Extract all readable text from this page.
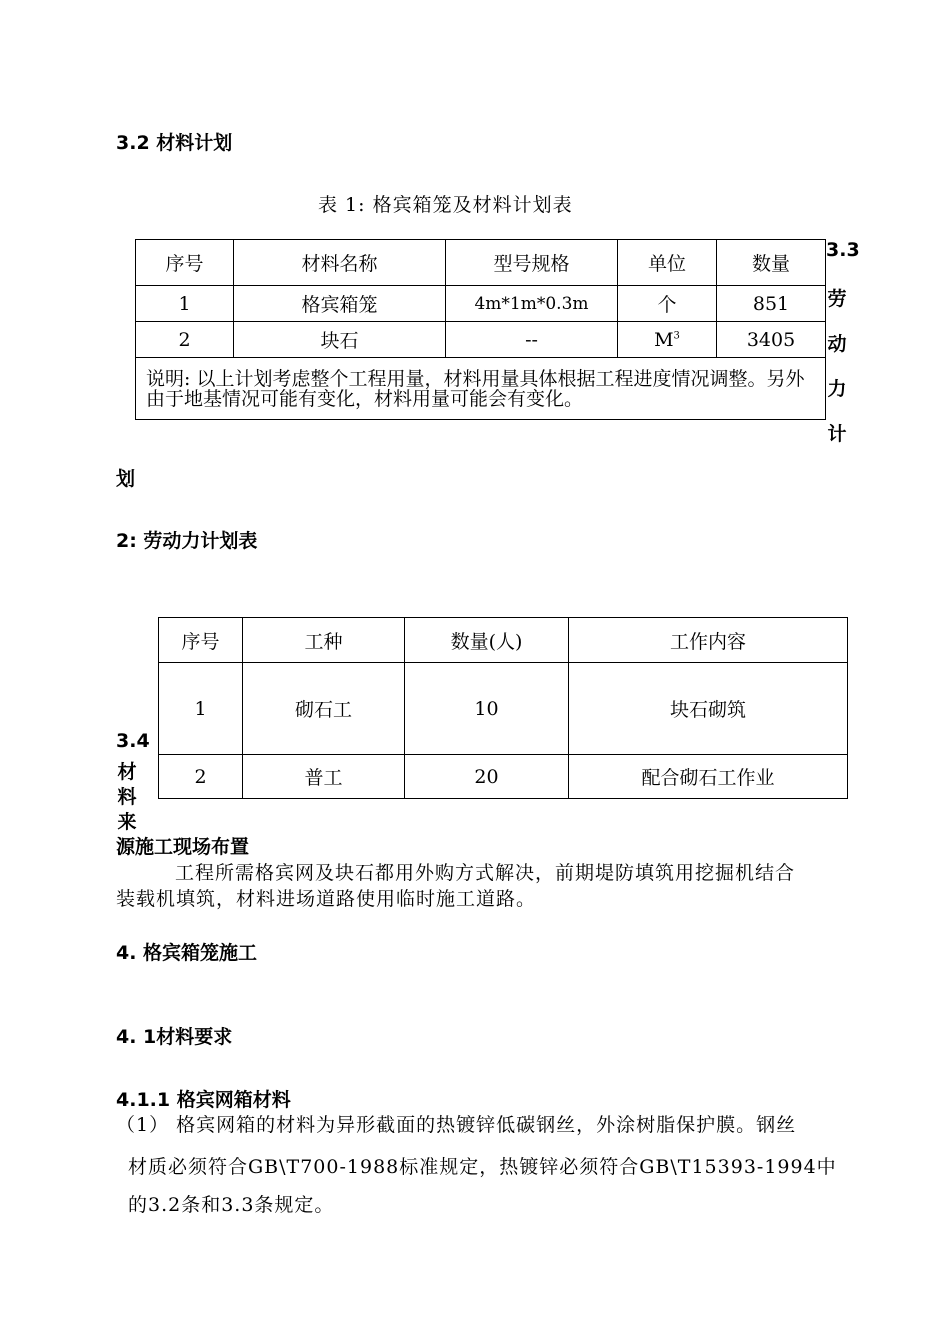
3.2 材料计划
表 1: 格宾箱笼及材料计划表
序号	材料名称	型号规格	单位	数量
1	格宾箱笼	4m*1m*0.3m	个	851
2	块石	--	$M^3$	3405
说明: 以上计划考虑整个工程用量，材料用量具体根据工程进度情况调整。另外由于地基情况可能有变化，材料用量可能会有变化。				
3.3
劳
动
力
计
划
2: 劳动力计划表
序号	工种	数量(人)	工作内容
1	砌石工	10	块石砌筑
2	普工	20	配合砌石工作业
3.4
材
料
来
源施工现场布置
工程所需格宾网及块石都用外购方式解决，前期堤防填筑用挖掘机结合
装载机填筑，材料进场道路使用临时施工道路。
4. 格宾箱笼施工
4. 1材料要求
4.1.1 格宾网箱材料
（1） 格宾网箱的材料为异形截面的热镀锌低碳钢丝，外涂树脂保护膜。钢丝
材质必须符合GB\T700-1988标准规定，热镀锌必须符合GB\T15393-1994中
的3.2条和3.3条规定。
